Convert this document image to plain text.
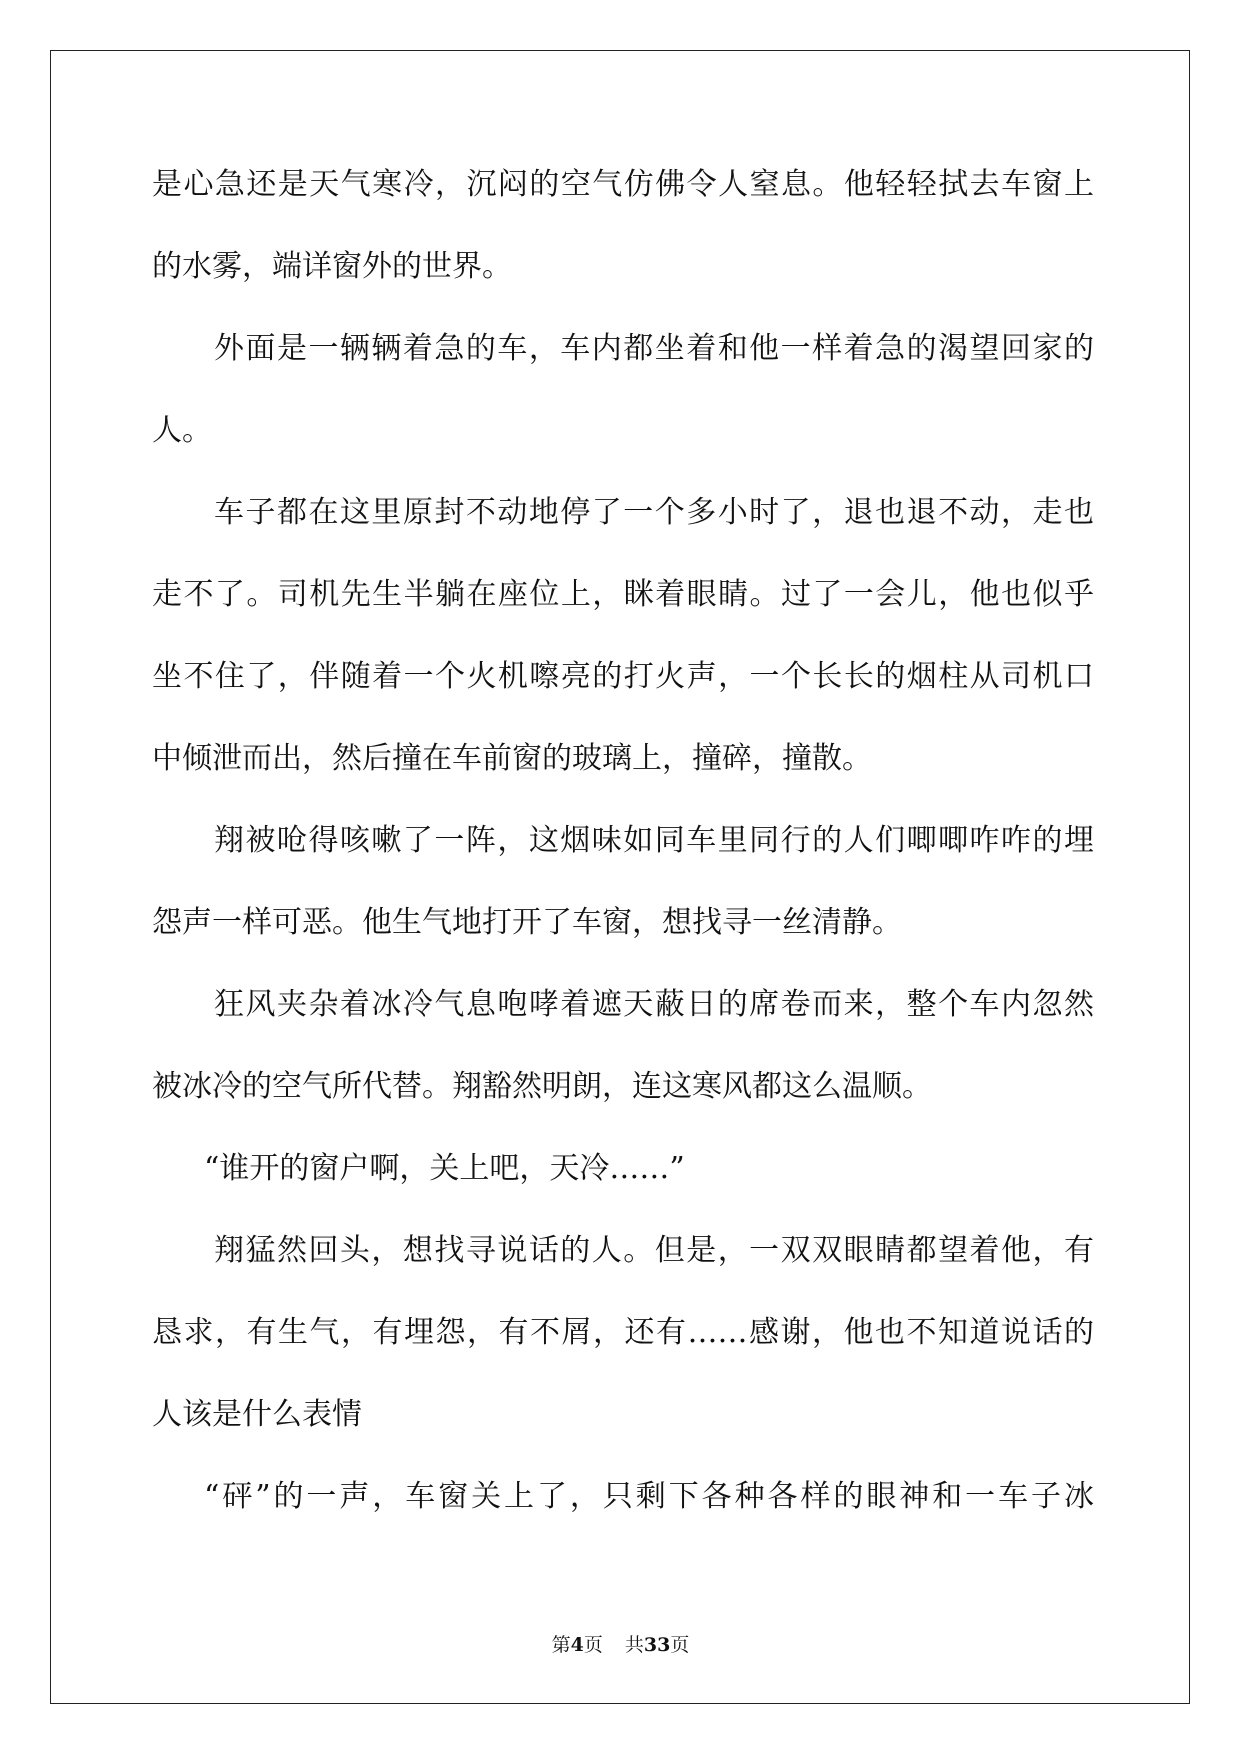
是心急还是天气寒冷，沉闷的空气仿佛令人窒息。他轻轻拭去车窗上
的水雾，端详窗外的世界。
外面是一辆辆着急的车，车内都坐着和他一样着急的渴望回家的
人。
车子都在这里原封不动地停了一个多小时了，退也退不动，走也
走不了。司机先生半躺在座位上，眯着眼睛。过了一会儿，他也似乎
坐不住了，伴随着一个火机嚓亮的打火声，一个长长的烟柱从司机口
中倾泄而出，然后撞在车前窗的玻璃上，撞碎，撞散。
翔被呛得咳嗽了一阵，这烟味如同车里同行的人们唧唧咋咋的埋
怨声一样可恶。他生气地打开了车窗，想找寻一丝清静。
狂风夹杂着冰冷气息咆哮着遮天蔽日的席卷而来，整个车内忽然
被冰冷的空气所代替。翔豁然明朗，连这寒风都这么温顺。
“谁开的窗户啊，关上吧，天冷……”
翔猛然回头，想找寻说话的人。但是，一双双眼睛都望着他，有
恳求，有生气，有埋怨，有不屑，还有……感谢，他也不知道说话的
人该是什么表情
“砰”的一声，车窗关上了，只剩下各种各样的眼神和一车子冰
第4页 共33页
